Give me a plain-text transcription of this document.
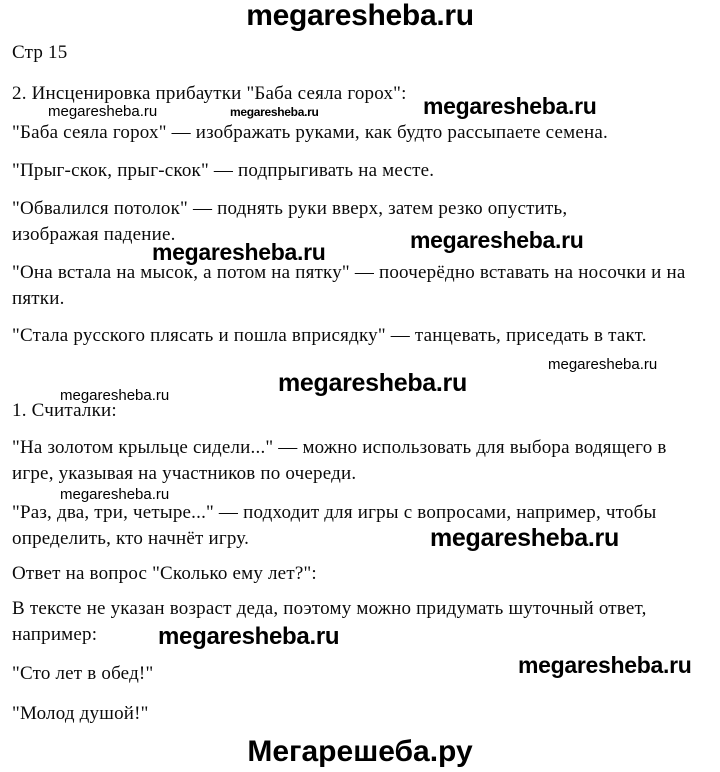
megaresheba.ru

Стр 15

2. Инсценировка прибаутки "Баба сеяла горох":

megaresheba.ru	megaresheba.ru	megaresheba.ru

"Баба сеяла горох" — изображать руками, как будто рассыпаете семена.

"Прыг-скок, прыг-скок" — подпрыгивать на месте.

"Обвалился потолок" — поднять руки вверх, затем резко опустить, изображая падение.

megaresheba.ru	megaresheba.ru

"Она встала на мысок, а потом на пятку" — поочерёдно вставать на носочки и на пятки.

"Стала русского плясать и пошла вприсядку" — танцевать, приседать в такт.

megaresheba.ru
megaresheba.ru
megaresheba.ru

1. Считалки:

"На золотом крыльце сидели..." — можно использовать для выбора водящего в игре, указывая на участников по очереди.

megaresheba.ru

"Раз, два, три, четыре..." — подходит для игры с вопросами, например, чтобы определить, кто начнёт игру.	megaresheba.ru

Ответ на вопрос "Сколько ему лет?":

В тексте не указан возраст деда, поэтому можно придумать шуточный ответ, например:	megaresheba.ru
megaresheba.ru

"Сто лет в обед!"

"Молод душой!"

Мегарешеба.ру
